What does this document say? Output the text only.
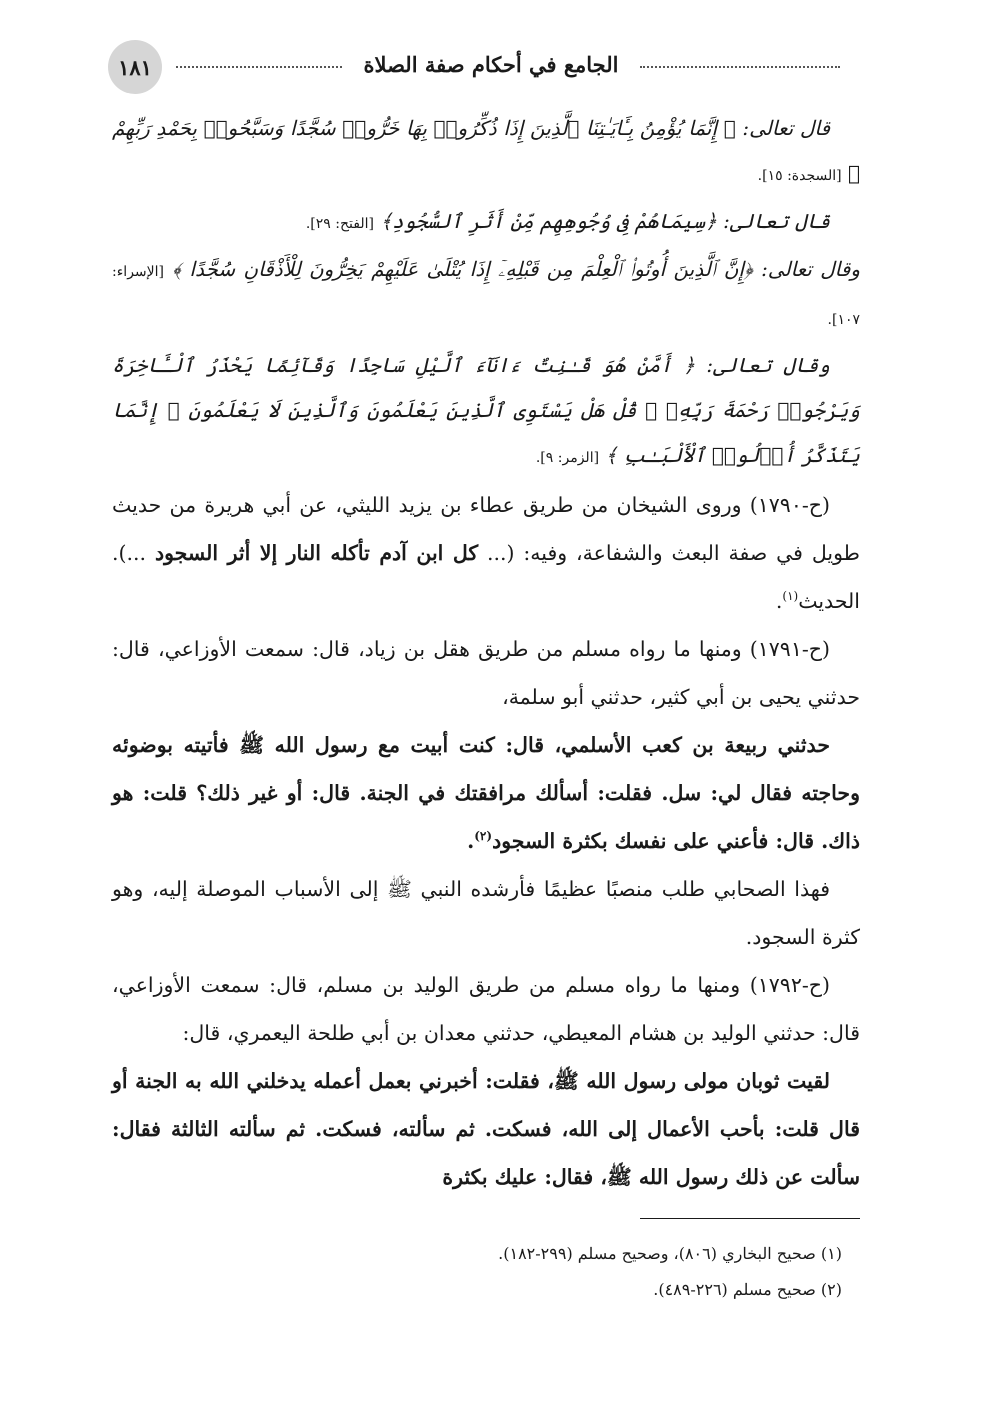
١٨١	الجامع في أحكام صفة الصلاة

قال تعالى: ﴿ إِنَّمَا يُؤْمِنُ بِـَٔايَـٰتِنَا ٱلَّذِينَ إِذَا ذُكِّرُوا۟ بِهَا خَرُّوا۟ سُجَّدًا وَسَبَّحُوا۟ بِحَمْدِ رَبِّهِمْ ﴾ [السجدة: ١٥].

قال تعالى: ﴿سِيمَاهُمْ فِى وُجُوهِهِم مِّنْ أَثَرِ ٱلسُّجُودِ﴾ [الفتح: ٢٩].

وقال تعالى: ﴿إِنَّ ٱلَّذِينَ أُوتُوا۟ ٱلْعِلْمَ مِن قَبْلِهِۦٓ إِذَا يُتْلَىٰ عَلَيْهِمْ يَخِرُّونَ لِلْأَذْقَانِ سُجَّدًا ﴾ [الإسراء: ١٠٧].

وقال تعالى: ﴿ أَمَّنْ هُوَ قَـٰنِتٌ ءَانَآءَ ٱلَّيْلِ سَاجِدًا وَقَآئِمًا يَحْذَرُ ٱلْـَٔاخِرَةَ وَيَرْجُوا۟ رَحْمَةَ رَبِّهِۦ ۗ قُلْ هَلْ يَسْتَوِى ٱلَّذِينَ يَعْلَمُونَ وَٱلَّذِينَ لَا يَعْلَمُونَ ۗ إِنَّمَا يَتَذَكَّرُ أُو۟لُوا۟ ٱلْأَلْبَـٰبِ ﴾ [الزمر: ٩].

(ح-١٧٩٠) وروى الشيخان من طريق عطاء بن يزيد الليثي، عن أبي هريرة من حديث طويل في صفة البعث والشفاعة، وفيه: (... كل ابن آدم تأكله النار إلا أثر السجود ...). الحديث$^{(١)}$.

(ح-١٧٩١) ومنها ما رواه مسلم من طريق هقل بن زياد، قال: سمعت الأوزاعي، قال: حدثني يحيى بن أبي كثير، حدثني أبو سلمة،

حدثني ربيعة بن كعب الأسلمي، قال: كنت أبيت مع رسول الله ﷺ فأتيته بوضوئه وحاجته فقال لي: سل. فقلت: أسألك مرافقتك في الجنة. قال: أو غير ذلك؟ قلت: هو ذاك. قال: فأعني على نفسك بكثرة السجود$^{(٢)}$.

فهذا الصحابي طلب منصبًا عظيمًا فأرشده النبي ﷺ إلى الأسباب الموصلة إليه، وهو كثرة السجود.

(ح-١٧٩٢) ومنها ما رواه مسلم من طريق الوليد بن مسلم، قال: سمعت الأوزاعي، قال: حدثني الوليد بن هشام المعيطي، حدثني معدان بن أبي طلحة اليعمري، قال:

لقيت ثوبان مولى رسول الله ﷺ، فقلت: أخبرني بعمل أعمله يدخلني الله به الجنة أو قال قلت: بأحب الأعمال إلى الله، فسكت. ثم سألته، فسكت. ثم سألته الثالثة فقال: سألت عن ذلك رسول الله ﷺ، فقال: عليك بكثرة

(١) صحيح البخاري (٨٠٦)، وصحيح مسلم (٢٩٩-١٨٢).

(٢) صحيح مسلم (٢٢٦-٤٨٩).
